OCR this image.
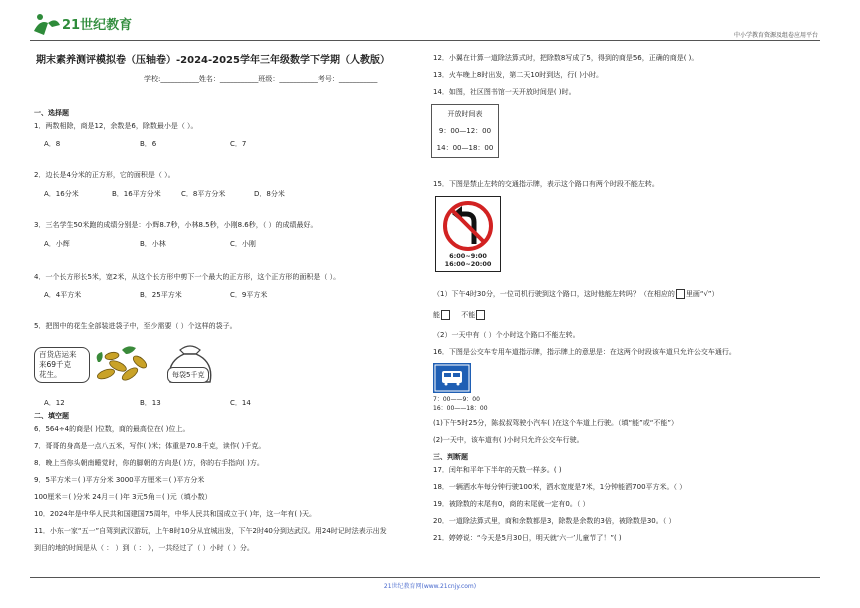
21世纪教育
中小学教育资源及组卷应用平台
期末素养测评模拟卷（压轴卷）-2024-2025学年三年级数学下学期（人教版）
学校:___________姓名：___________班级：___________考号：___________
一、选择题
1．两数相除，商是12，余数是6，除数最小是（ ）。
A．8	B．6	C．7
2．边长是4分米的正方形，它的面积是（ ）。
A．16分米	B．16平方分米	C．8平方分米	D．8分米
3．三名学生50米跑的成绩分别是：小辉8.7秒，小林8.5秒，小刚8.6秒，（ ）的成绩最好。
A．小辉	B．小林	C．小刚
4．一个长方形长5米，宽2米，从这个长方形中剪下一个最大的正方形，这个正方形的面积是（ ）。
A．4平方米	B．25平方米	C．9平方米
5．把图中的花生全部装进袋子中，至少需要（ ）个这样的袋子。
百货店运来
来69千克
花生。	每袋5千克
A．12	B．13	C．14
二、填空题
6．564÷4的商是( )位数，商的最高位在( )位上。
7．哥哥的身高是一点八五米，写作( )米；体重是70.8千克，读作( )千克。
8．晚上当你头朝南睡觉时，你的脚朝的方向是( )方，你的右手指向( )方。
9．5平方米＝( )平方分米 3000平方厘米＝( )平方分米
100厘米＝( )分米 24月＝( )年 3元5角＝( )元（填小数）
10．2024年是中华人民共和国建国75周年，中华人民共和国成立于( )年，这一年有( )天。
11．小东一家“五一”自驾到武汉游玩，上午8时10分从宜城出发，下午2时40分到达武汉。用24时记时法表示出发
到目的地的时间是从（ ： ）到（ ： ），一共经过了（ ）小时（ ）分。
12．小翼在计算一道除法算式时，把除数8写成了5，得到的商是56，正确的商是( )。
13．火车晚上8时出发，第二天10时到达，行( )小时。
14．如图，社区图书馆一天开放时间是( )时。
开放时间表
9：00—12：00
14：00—18：00
15．下图是禁止左转的交通指示牌，表示这个路口有两个时段不能左转。
6:00~9:00
16:00~20:00
（1）下午4时30分，一位司机行驶到这个路口，这时他能左转吗？（在相应的 里画“√”）
能	不能
（2）一天中有（ ）个小时这个路口不能左转。
16．下图是公交车专用车道指示牌，指示牌上的意思是：在这两个时段该车道只允许公交车通行。
7：00——9：00
16：00——18：00
(1)下午5时25分，陈叔叔驾驶小汽车( )在这个车道上行驶。（填“能”或“不能”）
(2)一天中，该车道有( )小时只允许公交车行驶。
三、判断题
17．闰年和平年下半年的天数一样多。( )
18．一辆洒水车每分钟行驶100米，洒水宽度是7米，1分钟能洒700平方米。（ ）
19．被除数的末尾有0，商的末尾就一定有0。（ ）
20．一道除法算式里，商和余数都是3，除数是余数的3倍，被除数是30。（ ）
21．婷婷说：“今天是5月30日，明天就‘六一’儿童节了！”( )
21世纪教育网(www.21cnjy.com)
